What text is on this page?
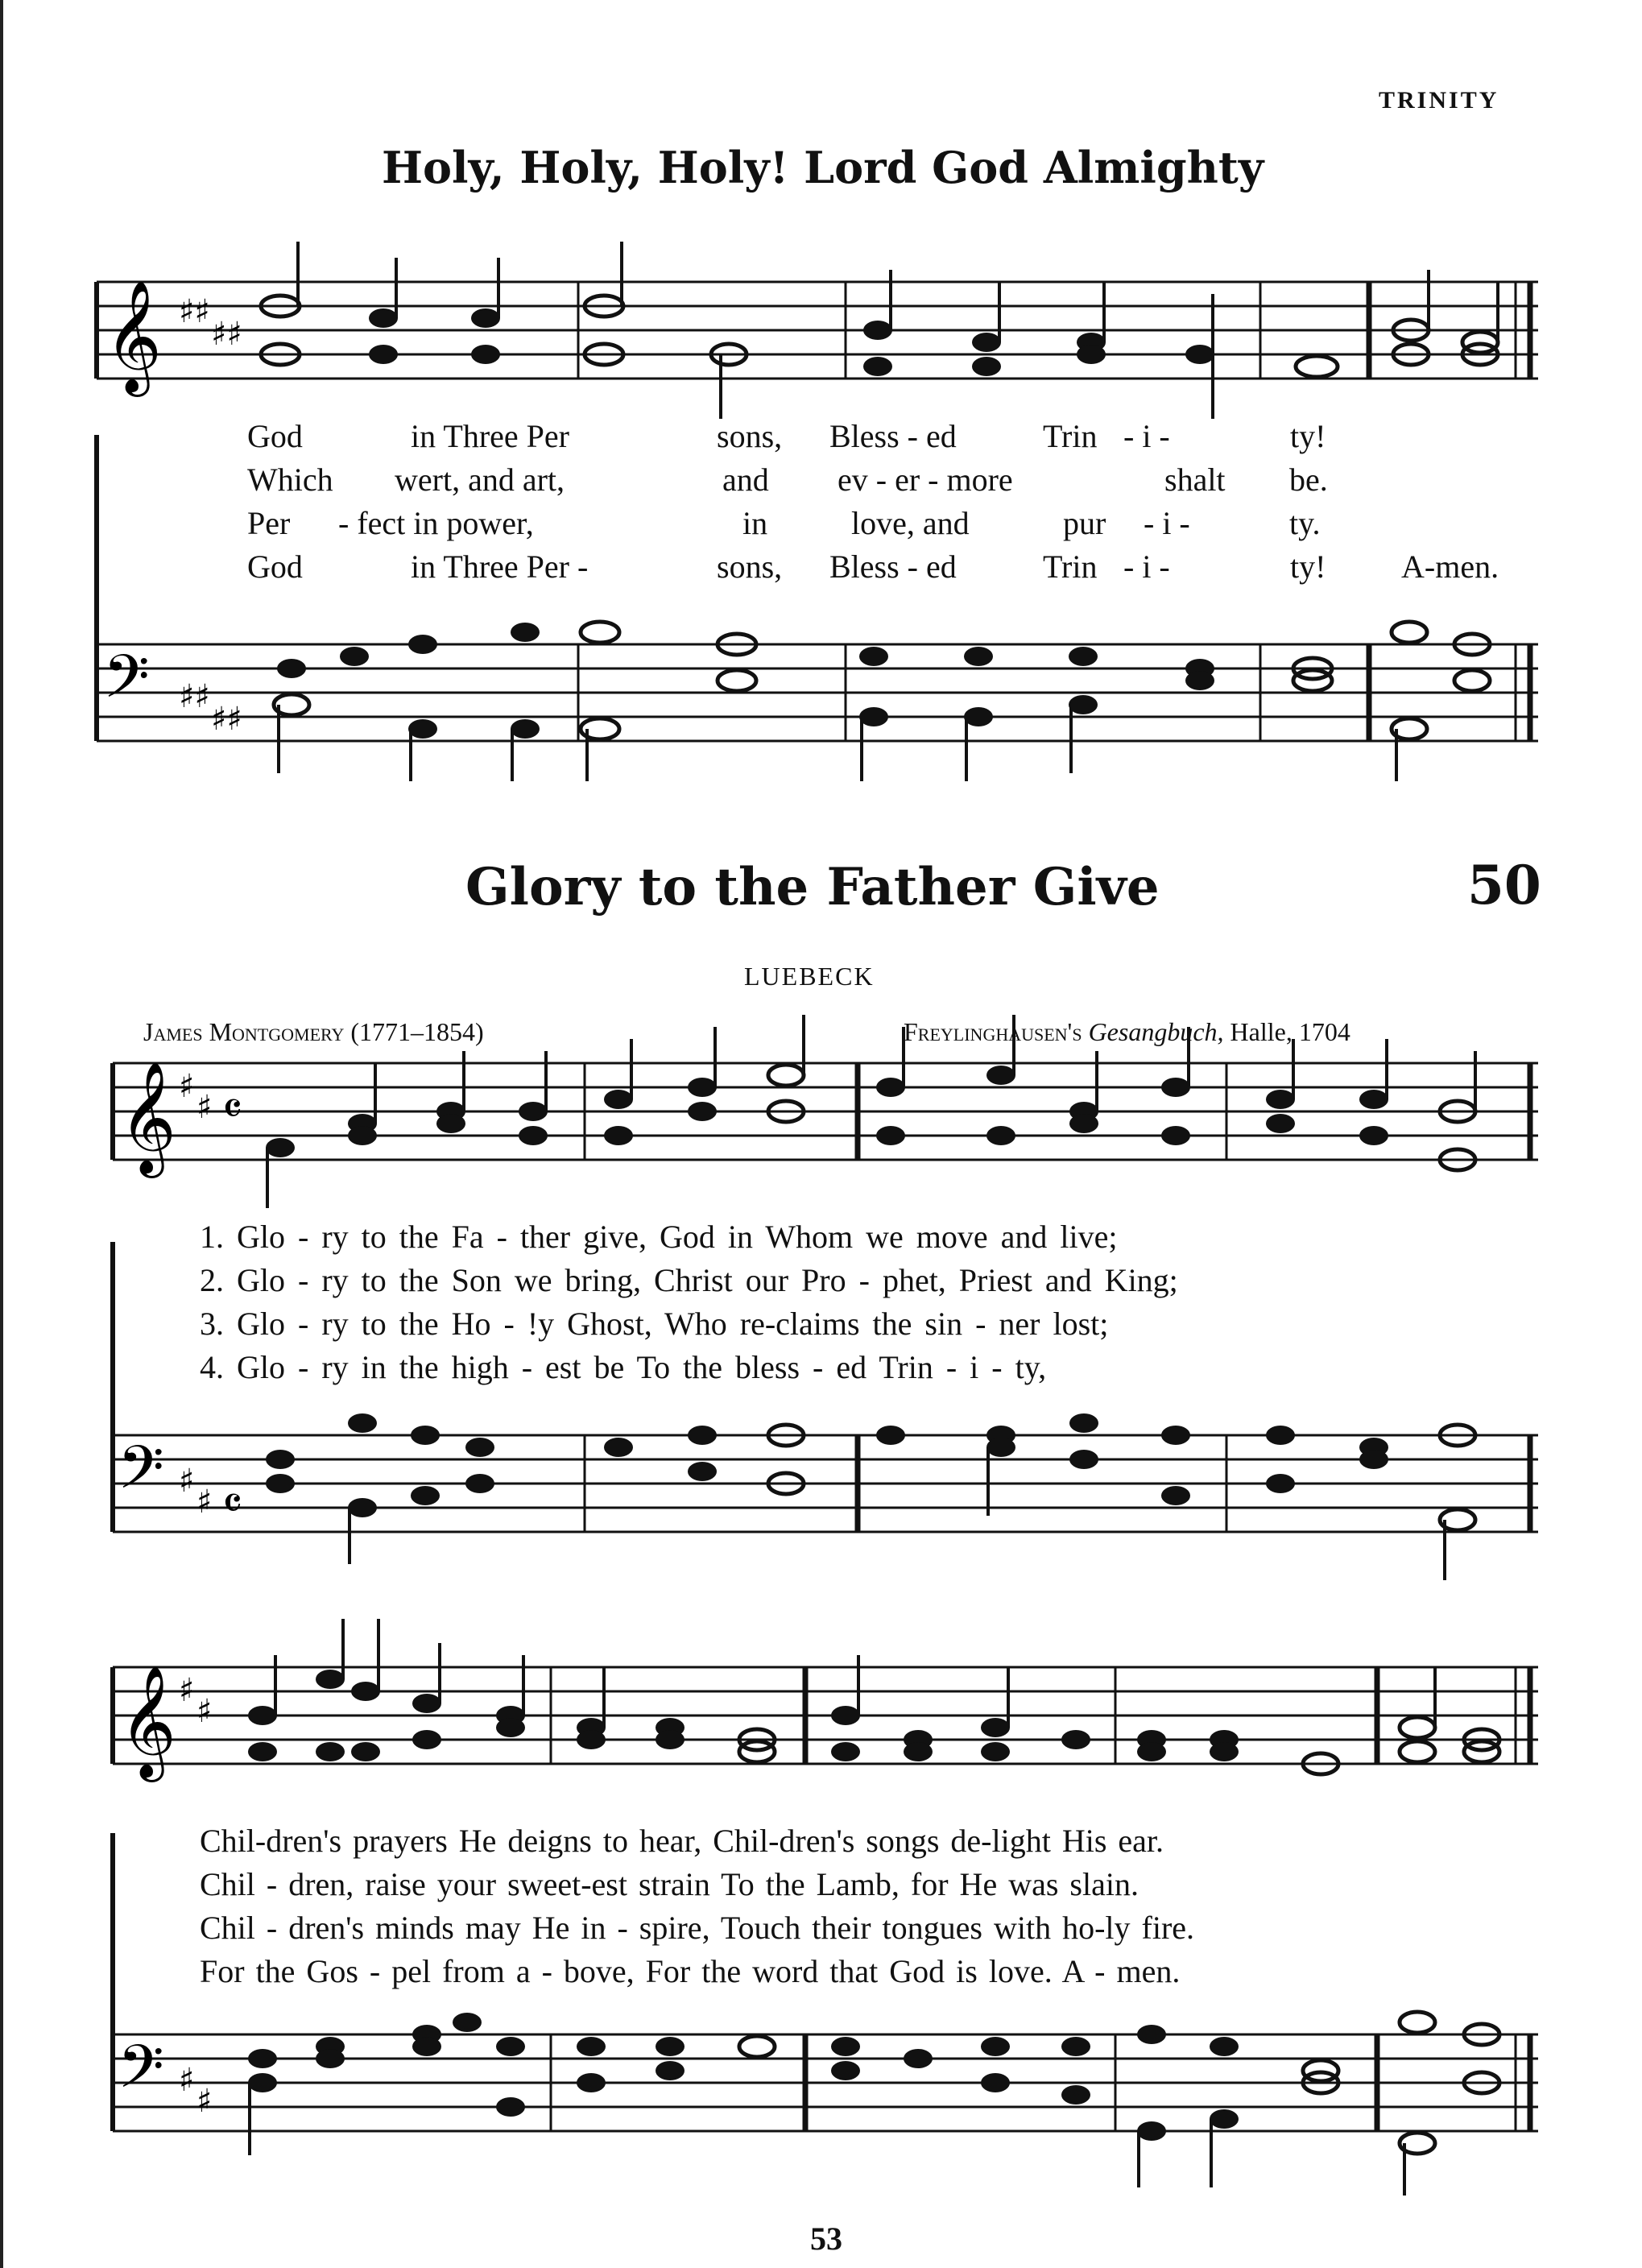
TRINITY
Holy, Holy, Holy! Lord God Almighty
𝄞 ♯♯
♯♯
God	in Three Per	sons, Bless - ed	Trin - i -	ty!
Which wert, and art,	and ev - er - more	shalt be.
Per - fect in power,	in	love, and	pur - i -	ty.
God	in Three Per -	sons, Bless - ed	Trin - i -	ty! A-men.
𝄢 ♯♯
♯♯
Glory to the Father Give	50
LUEBECK
James Montgomery (1771–1854)	Freylinghausen's Gesangbuch, Halle, 1704
𝄞 ♯
♯ 𝄴
1. Glo - ry to the Fa - ther give, God in Whom we move and live;
2. Glo - ry to the Son we bring, Christ our Pro - phet, Priest and King;
3. Glo - ry to the Ho - !y Ghost, Who re-claims the sin - ner lost;
4. Glo - ry in the high - est be To the bless - ed Trin - i - ty,
𝄢 ♯
♯ 𝄴
𝄞 ♯
♯
Chil-dren's prayers He deigns to hear, Chil-dren's songs de-light His ear.
Chil - dren, raise your sweet-est strain To the Lamb, for He was slain.
Chil - dren's minds may He in - spire, Touch their tongues with ho-ly fire.
For the Gos - pel from a - bove, For the word that God is love. A - men.
𝄢 ♯
♯
53
